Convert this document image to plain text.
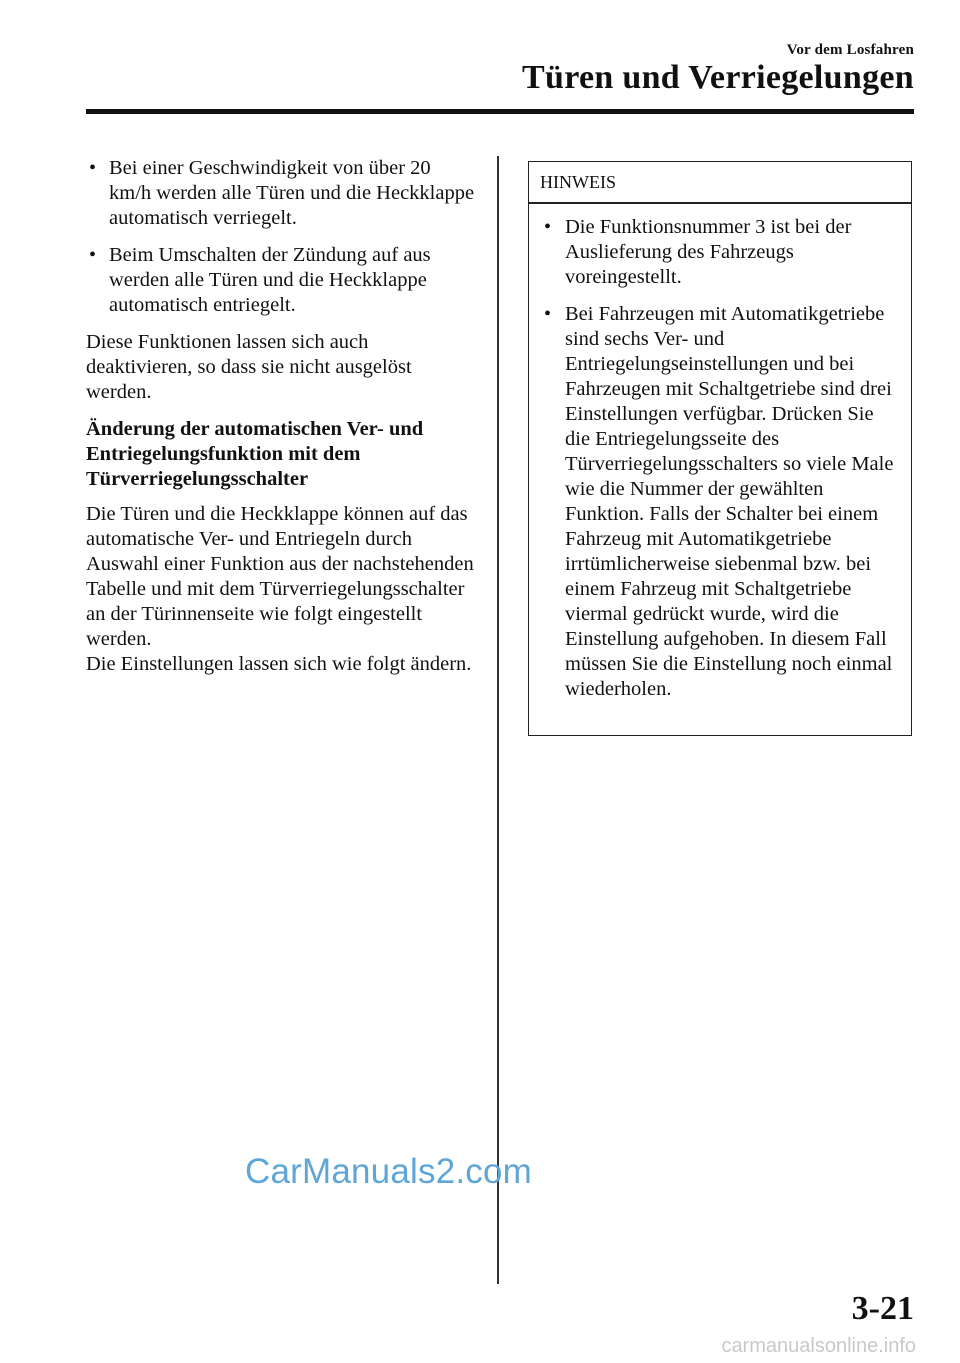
Vor dem Losfahren
Türen und Verriegelungen
• Bei einer Geschwindigkeit von über 20 km/h werden alle Türen und die Heckklappe automatisch verriegelt.
• Beim Umschalten der Zündung auf aus werden alle Türen und die Heckklappe automatisch entriegelt.

Diese Funktionen lassen sich auch deaktivieren, so dass sie nicht ausgelöst werden.

Änderung der automatischen Ver- und Entriegelungsfunktion mit dem Türverriegelungsschalter

Die Türen und die Heckklappe können auf das automatische Ver- und Entriegeln durch Auswahl einer Funktion aus der nachstehenden Tabelle und mit dem Türverriegelungsschalter an der Türinnenseite wie folgt eingestellt werden.

Die Einstellungen lassen sich wie folgt ändern.

HINWEIS
• Die Funktionsnummer 3 ist bei der Auslieferung des Fahrzeugs voreingestellt.
• Bei Fahrzeugen mit Automatikgetriebe sind sechs Ver- und Entriegelungseinstellungen und bei Fahrzeugen mit Schaltgetriebe sind drei Einstellungen verfügbar. Drücken Sie die Entriegelungsseite des Türverriegelungsschalters so viele Male wie die Nummer der gewählten Funktion. Falls der Schalter bei einem Fahrzeug mit Automatikgetriebe irrtümlicherweise siebenmal bzw. bei einem Fahrzeug mit Schaltgetriebe viermal gedrückt wurde, wird die Einstellung aufgehoben. In diesem Fall müssen Sie die Einstellung noch einmal wiederholen.
CarManuals2.com
3-21
carmanualsonline.info
